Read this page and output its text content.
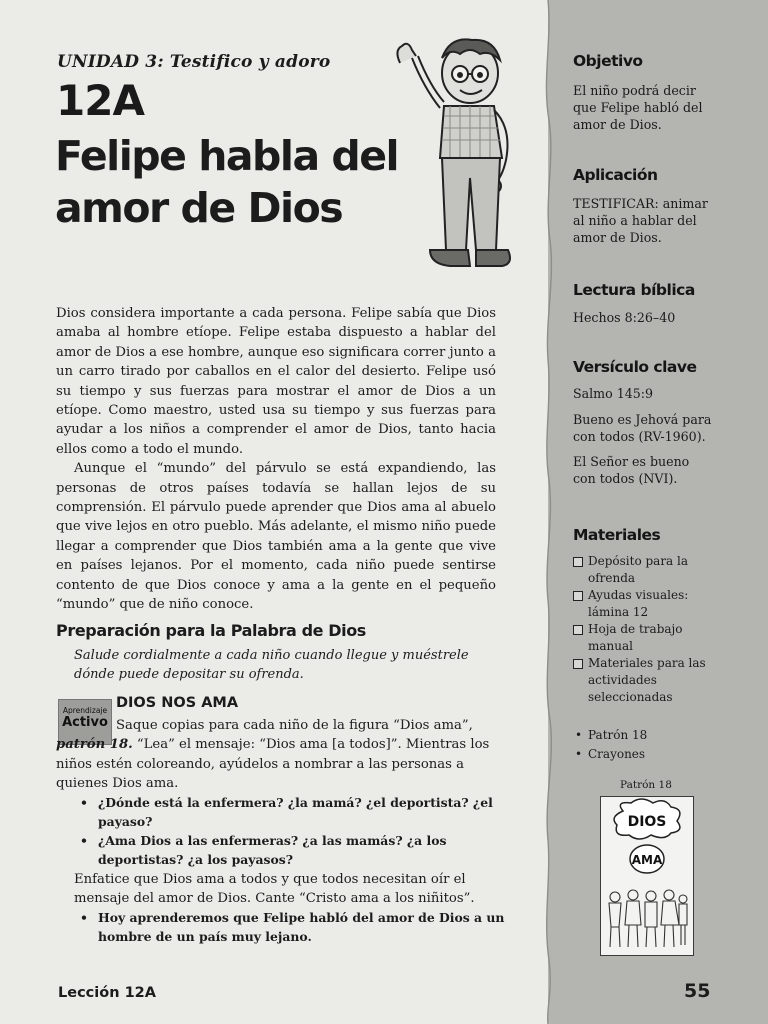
UNIDAD 3: Testifico y adoro
12A
Felipe habla del amor de Dios

Dios considera importante a cada persona. Felipe sabía que Dios amaba al hombre etíope. Felipe estaba dispuesto a hablar del amor de Dios a ese hombre, aunque eso significara correr junto a un carro tirado por caballos en el calor del desierto. Felipe usó su tiempo y sus fuerzas para mostrar el amor de Dios a un etíope. Como maestro, usted usa su tiempo y sus fuerzas para ayudar a los niños a comprender el amor de Dios, tanto hacia ellos como a todo el mundo.

Aunque el “mundo” del párvulo se está expandiendo, las personas de otros países todavía se hallan lejos de su comprensión. El párvulo puede aprender que Dios ama al abuelo que vive lejos en otro pueblo. Más adelante, el mismo niño puede llegar a comprender que Dios también ama a la gente que vive en países lejanos. Por el momento, cada niño puede sentirse contento de que Dios conoce y ama a la gente en el pequeño “mundo” que de niño conoce.

Preparación para la Palabra de Dios
Salude cordialmente a cada niño cuando llegue y muéstrele dónde puede depositar su ofrenda.
Aprendizaje
Activo
DIOS NOS AMA

Saque copias para cada niño de la figura “Dios ama”,

patrón 18. “Lea” el mensaje: “Dios ama [a todos]”. Mientras los niños estén coloreando, ayúdelos a nombrar a las personas a quienes Dios ama.

• ¿Dónde está la enfermera? ¿la mamá? ¿el deportista? ¿el payaso?
• ¿Ama Dios a las enfermeras? ¿a las mamás? ¿a los deportistas? ¿a los payasos?

Enfatice que Dios ama a todos y que todos necesitan oír el mensaje del amor de Dios. Cante “Cristo ama a los niñitos”.

• Hoy aprenderemos que Felipe habló del amor de Dios a un hombre de un país muy lejano.
Lección 12A	55
Objetivo
El niño podrá decir que Felipe habló del amor de Dios.
Aplicación
TESTIFICAR: animar al niño a hablar del amor de Dios.
Lectura bíblica
Hechos 8:26–40
Versículo clave
Salmo 145:9
Bueno es Jehová para con todos (RV-1960).
El Señor es bueno con todos (NVI).
Materiales
Depósito para la ofrenda
Ayudas visuales: lámina 12
Hoja de trabajo manual
Materiales para las actividades seleccionadas
• Patrón 18
• Crayones
Patrón 18
DIOS
AMA
